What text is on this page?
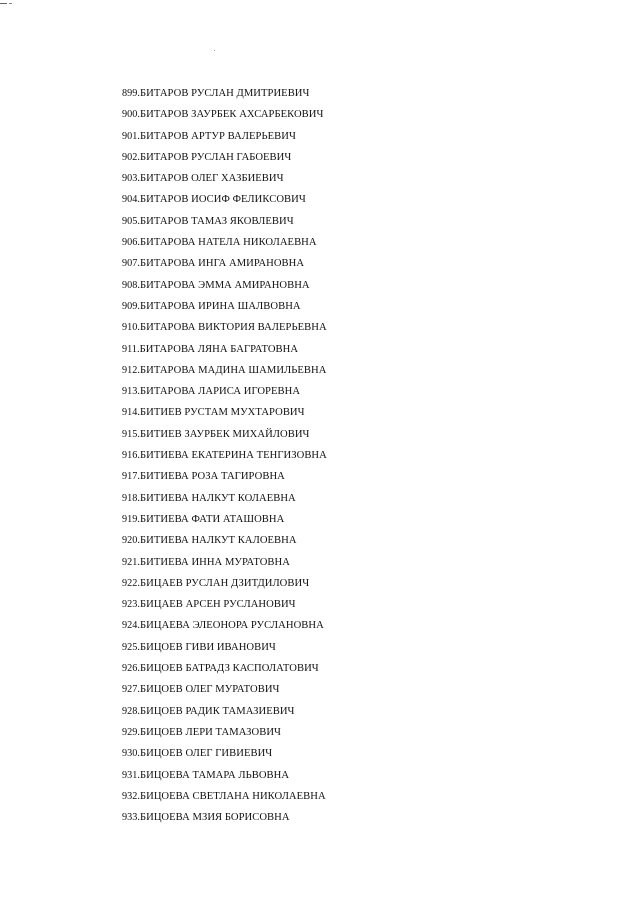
899.БИТАРОВ РУСЛАН ДМИТРИЕВИЧ
900.БИТАРОВ ЗАУРБЕК АХСАРБЕКОВИЧ
901.БИТАРОВ АРТУР ВАЛЕРЬЕВИЧ
902.БИТАРОВ РУСЛАН ГАБОЕВИЧ
903.БИТАРОВ ОЛЕГ ХАЗБИЕВИЧ
904.БИТАРОВ ИОСИФ ФЕЛИКСОВИЧ
905.БИТАРОВ ТАМАЗ ЯКОВЛЕВИЧ
906.БИТАРОВА НАТЕЛА НИКОЛАЕВНА
907.БИТАРОВА ИНГА АМИРАНОВНА
908.БИТАРОВА ЭММА АМИРАНОВНА
909.БИТАРОВА ИРИНА ШАЛВОВНА
910.БИТАРОВА ВИКТОРИЯ ВАЛЕРЬЕВНА
911.БИТАРОВА ЛЯНА БАГРАТОВНА
912.БИТАРОВА МАДИНА ШАМИЛЬЕВНА
913.БИТАРОВА ЛАРИСА ИГОРЕВНА
914.БИТИЕВ РУСТАМ МУХТАРОВИЧ
915.БИТИЕВ ЗАУРБЕК МИХАЙЛОВИЧ
916.БИТИЕВА ЕКАТЕРИНА ТЕНГИЗОВНА
917.БИТИЕВА РОЗА ТАГИРОВНА
918.БИТИЕВА НАЛКУТ КОЛАЕВНА
919.БИТИЕВА ФАТИ АТАШОВНА
920.БИТИЕВА НАЛКУТ КАЛОЕВНА
921.БИТИЕВА ИННА МУРАТОВНА
922.БИЦАЕВ РУСЛАН ДЗИТДИЛОВИЧ
923.БИЦАЕВ АРСЕН РУСЛАНОВИЧ
924.БИЦАЕВА ЭЛЕОНОРА РУСЛАНОВНА
925.БИЦОЕВ ГИВИ ИВАНОВИЧ
926.БИЦОЕВ БАТРАДЗ КАСПОЛАТОВИЧ
927.БИЦОЕВ ОЛЕГ МУРАТОВИЧ
928.БИЦОЕВ РАДИК ТАМАЗИЕВИЧ
929.БИЦОЕВ ЛЕРИ ТАМАЗОВИЧ
930.БИЦОЕВ ОЛЕГ ГИВИЕВИЧ
931.БИЦОЕВА ТАМАРА ЛЬВОВНА
932.БИЦОЕВА СВЕТЛАНА НИКОЛАЕВНА
933.БИЦОЕВА МЗИЯ БОРИСОВНА
